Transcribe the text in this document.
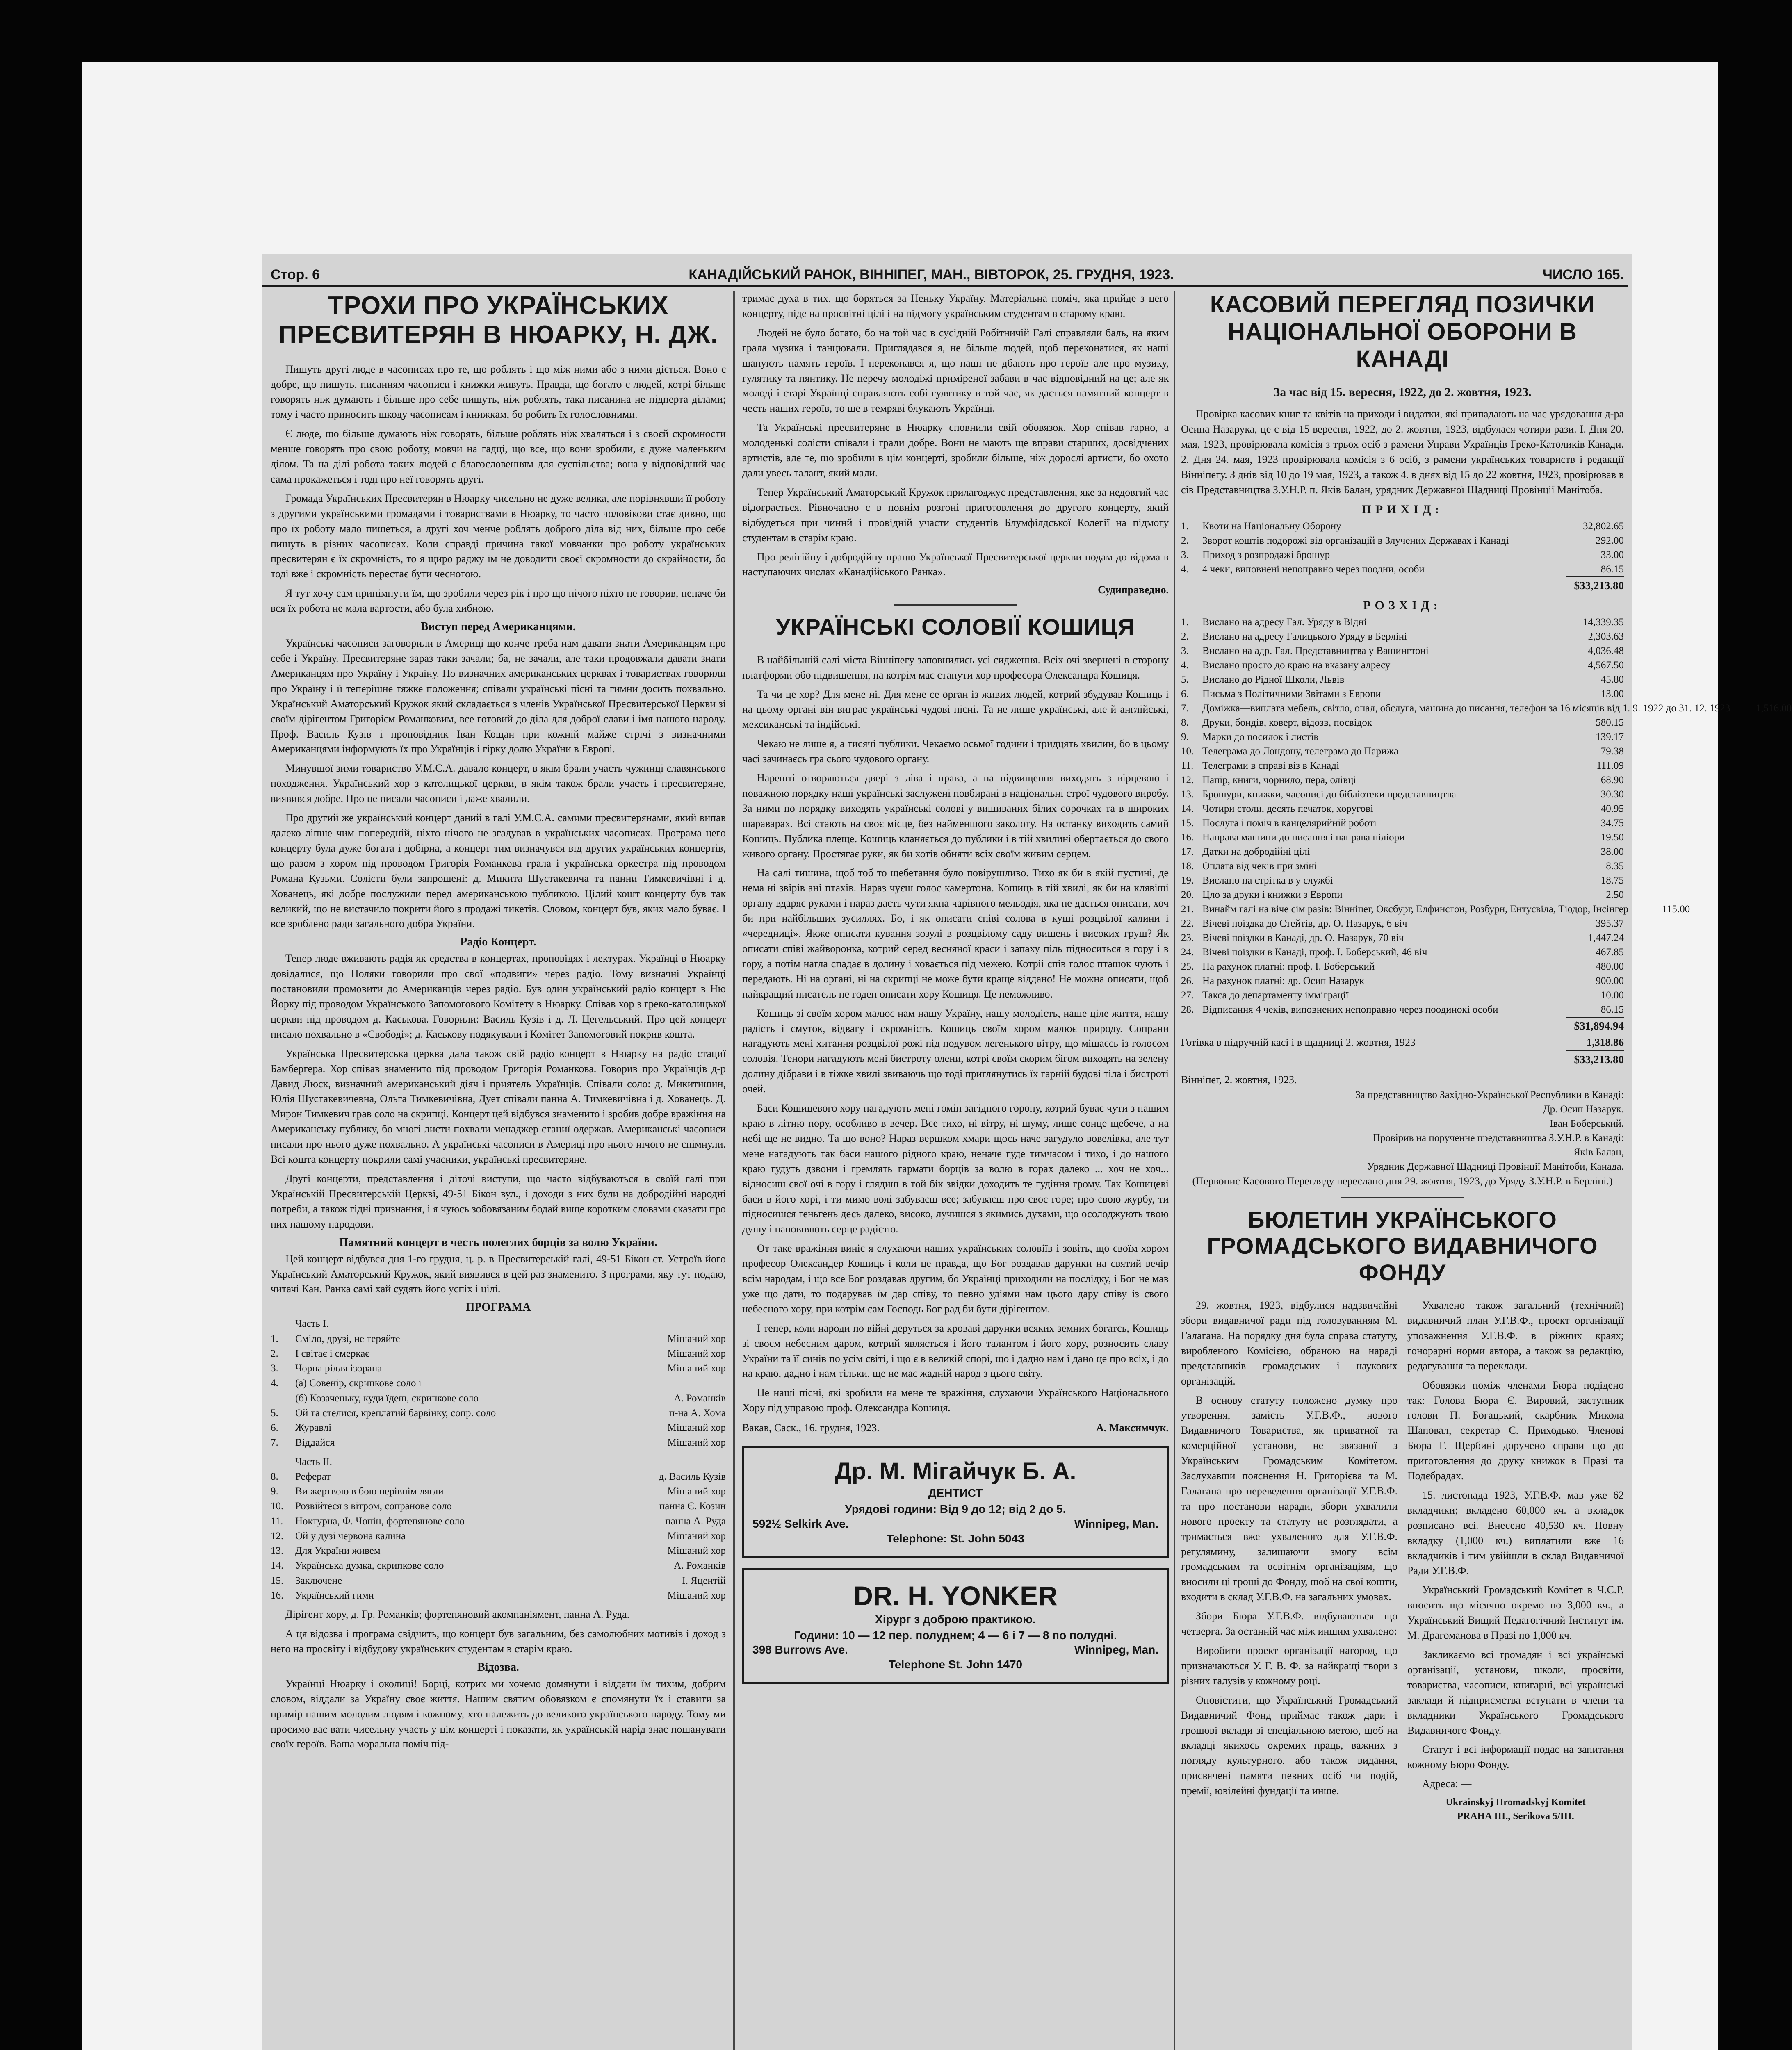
Стор. 6	КАНАДІЙСЬКИЙ РАНОК, ВІННІПЕГ, МАН., ВІВТОРОК, 25. ГРУДНЯ, 1923.	ЧИСЛО 165.
ТРОХИ ПРО УКРАЇНСЬКИХ ПРЕСВИТЕРЯН В НЮАРКУ, Н. ДЖ.

Пишуть другі люде в часописах про те, що роблять і що між ними або з ними діється. Воно є добре, що пишуть, писанням часописи і книжки живуть. Правда, що богато є людей, котрі більше говорять ніж думають і більше про себе пишуть, ніж роблять, така писанина не підперта ділами; тому і часто приносить шкоду часописам і книжкам, бо робить їх голословними.

Є люде, що більше думають ніж говорять, більше роблять ніж хваляться і з своєй скромности менше говорять про свою роботу, мовчи на гадці, що все, що вони зробили, є дуже маленьким ділом. Та на ділі робота таких людей є благословенням для суспільства; вона у відповідний час сама прокажеться і тоді про неї говорять другі.

Громада Українських Пресвитерян в Нюарку чисельно не дуже велика, але порівнявши її роботу з другими українськими громадами і товариствами в Нюарку, то часто чоловікови стає дивно, що про їх роботу мало пишеться, а другі хоч менче роблять доброго ділa від них, більше про себе пишуть в різних часописах. Коли справді причина такої мовчанки про роботу українських пресвитерян є їх скромність, то я щиро раджу їм не доводити своєї скромности до скрайности, бо тоді вже і скромність перестає бути чеснотою.

Я тут хочу сам припімнути їм, що зробили через рік і про що нічого ніхто не говорив, неначе би вся їх робота не мала вартости, або була хибною.

Виступ перед Американцями.

Українські часописи заговорили в Америці що конче треба нам давати знати Американцям про себе і Україну. Пресвитеряне зараз таки зачали; ба, не зачали, але таки продовжали давати знати Американцям про Україну і Україну. По визначних американських церквах і товариствах говорили про Україну і її теперішне тяжке положення; співали українські пісні та гимни досить похвально. Український Аматорський Кружок який складається з членів Української Пресвитерської Церкви зі своїм дірігентом Григорієм Романковим, все готовий до діла для доброї слави і імя нашого народу. Проф. Василь Кузів і проповідник Іван Кощан при кожній майже стрічі з визначними Американцями інформують їх про Українців і гірку долю України в Европі.

Минувшої зими товариство У.М.С.А. давало концерт, в якім брали участь чужинці славянського походження. Український хор з католицької церкви, в якім також брали участь і пресвитеряне, виявився добре. Про це писали часописи і даже хвалили.

Про другий же український концерт даний в галі У.М.С.А. самими пресвитерянами, який випав далеко ліпше чим попередній, ніхто нічого не згадував в українських часописах. Програма цего концерту була дуже богата і добірна, а концерт тим визначувся від других українських концертів, що разом з хором під проводом Григорія Романкова грала і українська оркестра під проводом Романа Кузьми. Солісти були запрошені: д. Микита Шустакевича та панни Тимкевичівні і д. Хованець, які добре послужили перед американською публикою. Цілий кошт концерту був так великий, що не вистачило покрити його з продажі тикетів. Словом, концерт був, яких мало буває. І все зроблено ради загального добра України.

Радіо Концерт.

Тепер люде вживають радія як средства в концертах, проповідях і лектурах. Українці в Нюарку довідалися, що Поляки говорили про свої «подвиги» через радіо. Тому визначні Українці постановили промовити до Американців через радіо. Був один український радіо концерт в Ню Йорку під проводом Українського Запомогового Комітету в Нюарку. Співав хор з греко-католицької церкви під проводом д. Каськова. Говорили: Василь Кузів і д. Л. Цегельський. Про цей концерт писало похвально в «Свободі»; д. Каськову подякували і Комітет Запомоговий покрив кошта.

Українська Пресвитерська церква дала також свій радіо концерт в Нюарку на радіо стациї Бамбергера. Хор співав знаменито під проводом Григорія Романкова. Говорив про Українців д-р Давид Люск, визначний американський діяч і приятель Українців. Співали соло: д. Микитишин, Юлія Шустакевичевна, Ольга Тимкевичівна, Дует співали панна А. Тимкевичівна і д. Хованець. Д. Мирон Тимкевич грав соло на скрипці. Концерт цей відбувся знаменито і зробив добре вражіння на Американську публику, бо многі листи похвали менаджер стациї одержав. Американські часописи писали про нього дуже похвально. А українські часописи в Америці про нього нічого не спімнули. Всі кошта концерту покрили самі учасники, українські пресвитеряне.

Другі концерти, представлення і діточі виступи, що часто відбуваються в своїй галі при Українській Пресвитерській Церкві, 49-51 Бікон вул., і доходи з них були на добродійні народні потреби, а також гідні признання, і я чуюсь зобовязаним бодай вище коротким словами сказати про них нашому народови.

Памятний концерт в честь полеглих борців за волю України.

Цей концерт відбувся дня 1-го грудня, ц. р. в Пресвитерській галі, 49-51 Бікон ст. Устроїв його Український Аматорський Кружок, який виявився в цей раз знаменито. З програми, яку тут подаю, читачі Кан. Ранка самі хай судять його успіх і цілі.

ПРОГРАМА
Часть І.
1.	Сміло, друзі, не теряйте	Мішаний хор
2.	І світає і смеркає	Мішаний хор
3.	Чорна рілля ізорана	Мішаний хор
4.	(а) Совенір, скрипкове соло і
(б) Козаченьку, куди їдеш, скрипкове соло	А. Романків
5.	Ой та стелися, креплатий барвінку, сопр. соло	п-на А. Хома
6.	Журавлі	Мішаний хор
7.	Віддайся	Мішаний хор
Часть ІІ.
8.	Реферат	д. Василь Кузів
9.	Ви жертвою в бою нерівнім лягли	Мішаний хор
10.	Розвійтеся з вітром, сопранове соло	панна Є. Козин
11.	Ноктурна, Ф. Чопін, фортепянове соло	панна А. Руда
12.	Ой у дузі червона калина	Мішаний хор
13.	Для України живем	Мішаний хор
14.	Українська думка, скрипкове соло	А. Романків
15.	Заключене	І. Яцентій
16.	Український гимн	Мішаний хор

Дірігент хору, д. Гр. Романків; фортепяновий акомпаніямент, панна А. Руда.

А ця відозва і програма свідчить, що концерт був загальним, без самолюбних мотивів і доход з него на просвіту і відбудову українських студентам в старім краю.

Відозва.

Українці Нюарку і околиці! Борці, котрих ми хочемо домянути і віддати їм тихим, добрим словом, віддали за Україну своє життя. Нашим святим обовязком є спомянути їх і ставити за примір нашим молодим людям і кожному, хто належить до великого українського народу. Тому ми просимо вас вати чисельну участь у цім концерті і показати, як українській нарід знає пошанувати своїх героїв. Ваша моральна поміч під-

тримає духа в тих, що боряться за Неньку Україну. Матеріальна поміч, яка прийде з цего концерту, піде на просвітні цілі і на підмогу українським студентам в старому краю.

Людей не було богато, бо на той час в сусідній Робітничій Галі справляли баль, на яким грала музика і танцювали. Приглядався я, не більше людей, щоб переконатися, як наші шанують память героїв. І переконався я, що наші не дбають про героїв але про музику, гулятику та пянтику. Не перечу молодіжі приміреної забави в час відповідний на це; але як молоді і старі Українці справляють собі гулятику в той час, як дається памятний концерт в честь наших героїв, то ще в темряві блукають Українці.

Та Українські пресвитеряне в Нюарку сповнили свій обовязок. Хор співав гарно, а молоденькі солісти співали і грали добре. Вони не мають ще вправи старших, досвідчених артистів, але те, що зробили в цім концерті, зробили більше, ніж дорослі артисти, бо охото дали увесь талант, який мали.

Тепер Український Аматорський Кружок прилагоджує представлення, яке за недовгий час відограється. Рівночасно є в повнім розгоні приготовлення до другого концерту, який відбудеться при чиннй і провідній участи студентів Блумфілдської Колегії на підмогу студентам в старім краю.

Про релігійну і добродійну працю Української Пресвитерської церкви подам до відома в наступаючих числах «Канадійського Ранка».

Судиправедно.
УКРАЇНСЬКІ СОЛОВІЇ КОШИЦЯ

В найбільшій салі міста Вінніпегу заповнились усі сидження. Всіх очі звернені в сторону платформи обо підвищення, на котрім має станути хор професора Олександра Кошиця.

Та чи це хор? Для мене ні. Для мене се орган із живих людей, котрий збудував Кошиць і на цьому органі він виграє українські чудові пісні. Та не лише українські, але й англійські, мексиканські та індійські.

Чекаю не лише я, а тисячі публики. Чекаємо осьмої години і тридцять хвилин, бо в цьому часі зачинаєсь гра сього чудового органу.

Нарешті отворяються двері з ліва і права, а на підвищення виходять з вірцевою і поважною порядку наші українські заслужені повбирані в національні строї чудового виробу. За ними по порядку виходять українські солові у вишиваних білих сорочках та в широких шараварах. Всі стають на своє місце, без найменшого заколоту. На останку виходить самий Кошиць. Публика плеще. Кошиць кланяється до публики і в тій хвилині обертається до свого живого органу. Простягає руки, як би хотів обняти всіх своїм живим серцем.

На салі тишина, щоб тоб то щебетання було повірушливо. Тихо як би в якій пустині, де нема ні звірів ані птахів. Нараз чуєш голос камертона. Кошиць в тій хвилі, як би на клявіші органу вдаряє руками і нараз дасть чути якна чарівного мельодія, яка не дається описати, хоч би при найбільших зусиллях. Бо, і як описати співі солова в куші розцвілої калини і «чередниці». Якже описати кування зозулі в розцвілому саду вишень і високих груш? Як описати співі жайворонка, котрий серед весняної краси і запаху піль підноситься в гору і в гору, а потім нагла спадає в долину і ховається під межею. Котріі спів голос пташок чують і передають. Ні на органі, ні на скрипці не може бути краще віддано! Не можна описати, щоб найкращий писатель не годен описати хору Кошиця. Це неможливо.

Кошиць зі своїм хором малює нам нашу Україну, нашу молодість, наше ціле життя, нашу радість і смуток, відвагу і скромність. Кошиць своїм хором малює природу. Сопрани нагадують мені хитання розцвілої рожі під подувом легенького вітру, що мішаєсь із голосом соловія. Тенори нагадують мені бистроту олени, котрі своїм скорим бігом виходять на зелену долину дібрави і в тіжке хвилі звиваючь що тоді приглянутись їх гарній будові тіла і бистроті очей.

Баси Кошицевого хору нагадують мені гомін загідного горону, котрий буває чути з нашим краю в літню пору, особливо в вечер. Все тихо, ні вітру, ні шуму, лише сонце щебече, а на небі ще не видно. Та що воно? Нараз вершком хмари щось наче загудуло вовелівка, але тут мене нагадують так баси нашого рідного краю, неначе гуде тимчасом і тихо, і до нашого краю гудуть дзвони і гремлять гармати борців за волю в горах далеко ... хоч не хоч... відносиш свої очі в гору і глядиш в той бік звідки доходить те гудіння грому. Так Кошицеві баси в його хорі, і ти мимо волі забуваєш все; забуваєш про своє горе; про свою журбу, ти підносишся геньгень десь далеко, високо, лучишся з якимись духами, що осолоджують твою душу і наповняють серце радістю.

От таке вражіння виніс я слухаючи наших українських соловіїв і зовіть, що своїм хором професор Олександер Кошиць і коли це правда, що Бог роздавав дарунки на святий вечір всім народам, і що все Бог роздавав другим, бо Українці приходили на послідку, і Бог не мав уже що дати, то подарував їм дар співу, то певно удіями нам цього дару співу із свого небесного хору, при котрім сам Господь Бог рад би бути дірігентом.

І тепер, коли народи по війні деруться за кровавi дарунки всяких земних богатсь, Кошиць зі своєм небесним даром, котрий являється і його талантом і його хору, розносить славу України та її синів по усім світі, і що є в великій спорі, що і дадно нам і дано це про всіх, і до на краю, дадно і нам тільки, ще не має жадній народ з цього світу.

Це наші пісні, які зробили на мене те вражіння, слухаючи Українського Національного Хору під управою проф. Олександра Кошиця.

Вакав, Саск., 16. грудня, 1923.	А. Максимчук.
Др. М. Мігайчук Б. А.
ДЕНТИСТ
Урядові години: Від 9 до 12; від 2 до 5.
592½ Selkirk Ave.	Winnipeg, Man.
Telephone: St. John 5043
DR. H. YONKER
Хірург з доброю практикою.
Години: 10 — 12 пер. полуднем; 4 — 6 і 7 — 8 по полудні.
398 Burrows Ave.	Winnipeg, Man.
Telephone St. John 1470
КАСОВИЙ ПЕРЕГЛЯД ПОЗИЧКИ НАЦІОНАЛЬНОЇ ОБОРОНИ В КАНАДІ
За час від 15. вересня, 1922, до 2. жовтня, 1923.

Провірка касових книг та квітів на приходи і видатки, які припадають на час урядовання д-ра Осипа Назарука, це є від 15 вересня, 1922, до 2. жовтня, 1923, відбулася чотири рази. І. Дня 20. мая, 1923, провірювала комісія з трьох осіб з рамени Управи Українців Греко-Католиків Канади. 2. Дня 24. мая, 1923 провірювала комісія з 6 осіб, з рамени українських товариств і редакції Вінніпегу. З днів від 10 до 19 мая, 1923, а також 4. в днях від 15 до 22 жовтня, 1923, провірював в сів Представництва З.У.Н.Р. п. Яків Балан, урядник Державної Щадниці Провінції Манітоба.

ПРИХІД:
1.	Квоти на Національну Оборону	32,802.65
2.	Зворот коштів подорожі від організацій в Злучених Державах і Канаді	292.00
3.	Приход з розпродажі брошур	33.00
4.	4 чеки, виповнені непоправно через поодни, особи	86.15
$33,213.80
РОЗХІД:
1.	Вислано на адресу Гал. Уряду в Відні	14,339.35
2.	Вислано на адресу Галицького Уряду в Берліні	2,303.63
3.	Вислано на адр. Гал. Представництва у Вашингтоні	4,036.48
4.	Вислано просто до краю на вказану адресу	4,567.50
5.	Вислано до Рідної Школи, Львів	45.80
6.	Письма з Політичними Звітами з Европи	13.00
7.	Доміжка—виплата мебель, світло, опал, обслуга, машина до писання, телефон за 16 місяців від 1. 9. 1922 до 31. 12. 1923	1,516.00
8.	Друки, бондів, коверт, відозв, посвідок	580.15
9.	Марки до посилок і листів	139.17
10. Телеграма до Лондону, телеграма до Парижа	79.38
11. Телеграми в справі віз в Канаді	111.09
12. Папір, книги, чорнило, пера, олівці	68.90
13. Брошури, книжки, часописі до бібліотеки представництва	30.30
14. Чотири столи, десять печаток, хоругові	40.95
15. Послуга і поміч в канцелярийній роботі	34.75
16. Направа машини до писання і направа піліори	19.50
17. Датки на добродійні цілі	38.00
18. Оплата від чеків при зміні	8.35
19. Вислано на стрітка в у службі	18.75
20. Цло за друки і книжки з Европи	2.50
21. Винайм галі на віче сім разів: Вінніпег, Оксбург, Елфинстон, Розбурн, Ентусвіла, Тіодор, Інсінгер	115.00
22. Вічеві поїздка до Стейтів, др. О. Назарук, 6 віч	395.37
23. Вічеві поїздки в Канаді, др. О. Назарук, 70 віч	1,447.24
24. Вічеві поїздки в Канаді, проф. І. Боберський, 46 віч	467.85
25. На рахунок платні: проф. І. Боберський	480.00
26. На рахунок платні: др. Осип Назарук	900.00
27. Такса до департаменту імміграції	10.00
28. Відписання 4 чеків, виповнених непоправно через поодинокі особи	86.15
$31,894.94
Готівка в підручній касі і в щадниці 2. жовтня, 1923	1,318.86
$33,213.80
Вінніпег, 2. жовтня, 1923.
За представництво Західно-Української Республики в Канаді:
Др. Осип Назарук.
Іван Боберський.
Провірив на порученне представництва З.У.Н.Р. в Канаді:
Яків Балан,
Урядник Державної Щадниці Провінції Манітоби, Канада.

(Первопис Касового Перегляду переслано дня 29. жовтня, 1923, до Уряду З.У.Н.Р. в Берліні.)

БЮЛЕТИН УКРАЇНСЬКОГО ГРОМАДСЬКОГО ВИДАВНИЧОГО ФОНДУ

29. жовтня, 1923, відбулися надзвичайні збори видавничої ради під головуванням М. Галагана. На порядку дня була справа статуту, виробленого Комісією, обраною на нараді представників громадських і наукових організацій.

В основу статуту положено думку про утворення, замість У.Г.В.Ф., нового Видавничого Товариства, як приватної та комерційної установи, не звязаної з Українським Громадським Комітетом. Заслухавши пояснення Н. Григорієва та М. Галагана про переведення організації У.Г.В.Ф. та про постанови наради, збори ухвалили нового проекту та статуту не розглядати, а тримається вже ухваленого для У.Г.В.Ф. регулямину, залишаючи змогу всім громадським та освітнім організаціям, що вносили ці гроші до Фонду, щоб на свої кошти, входити в склад У.Г.В.Ф. на загальних умовах.

Збори Бюра У.Г.В.Ф. відбуваються що четверга. За останній час між иншим ухвалено:

Виробити проект організації нагород, що призначаються У. Г. В. Ф. за найкращі твори з різних галузів у кожному році.

Оповістити, що Український Громадський Видавничий Фонд приймає також дари і грошові вклади зі спеціальною метою, щоб на вкладці якихось окремих праць, важних з погляду культурного, або також видання, присвячені памяти певних осіб чи подій, премії, ювілейні фундації та инше.

Ухвалено також загальний (технічний) видавничий план У.Г.В.Ф., проект організації уповажнення У.Г.В.Ф. в ріжних краях; гонорарні норми автора, а також за редакцію, редагування та переклади.

Обовязки поміж членами Бюра подідено так: Голова Бюра Є. Вировий, заступник голови П. Богацький, скарбник Микола Шаповал, секретар Є. Приходько. Членові Бюра Г. Щербині доручено справи що до приготовлення до друку книжок в Празі та Подєбрадах.

15. листопада 1923, У.Г.В.Ф. мав уже 62 вкладчики; вкладено 60,000 кч. а вкладок розписано всі. Внесено 40,530 кч. Повну вкладку (1,000 кч.) виплатили вже 16 вкладчиків і тим увійшли в склад Видавничої Ради У.Г.В.Ф.

Український Громадський Комітет в Ч.С.Р. вносить що місячно окремо по 3,000 кч., а Український Вищий Педагогічний Інститут ім. М. Драгоманова в Празі по 1,000 кч.

Закликаємо всі громадян і всі українські організації, установи, школи, просвіти, товариства, часописи, книгарні, всі українські заклади й підприємства вступати в члени та вкладники Українського Громадського Видавничого Фонду.

Статут і всі інформації подає на запитання кожному Бюро Фонду.

Адреса: —
Ukrainskyj Hromadskyj Komitet
PRAHA III., Serikova 5/III.
